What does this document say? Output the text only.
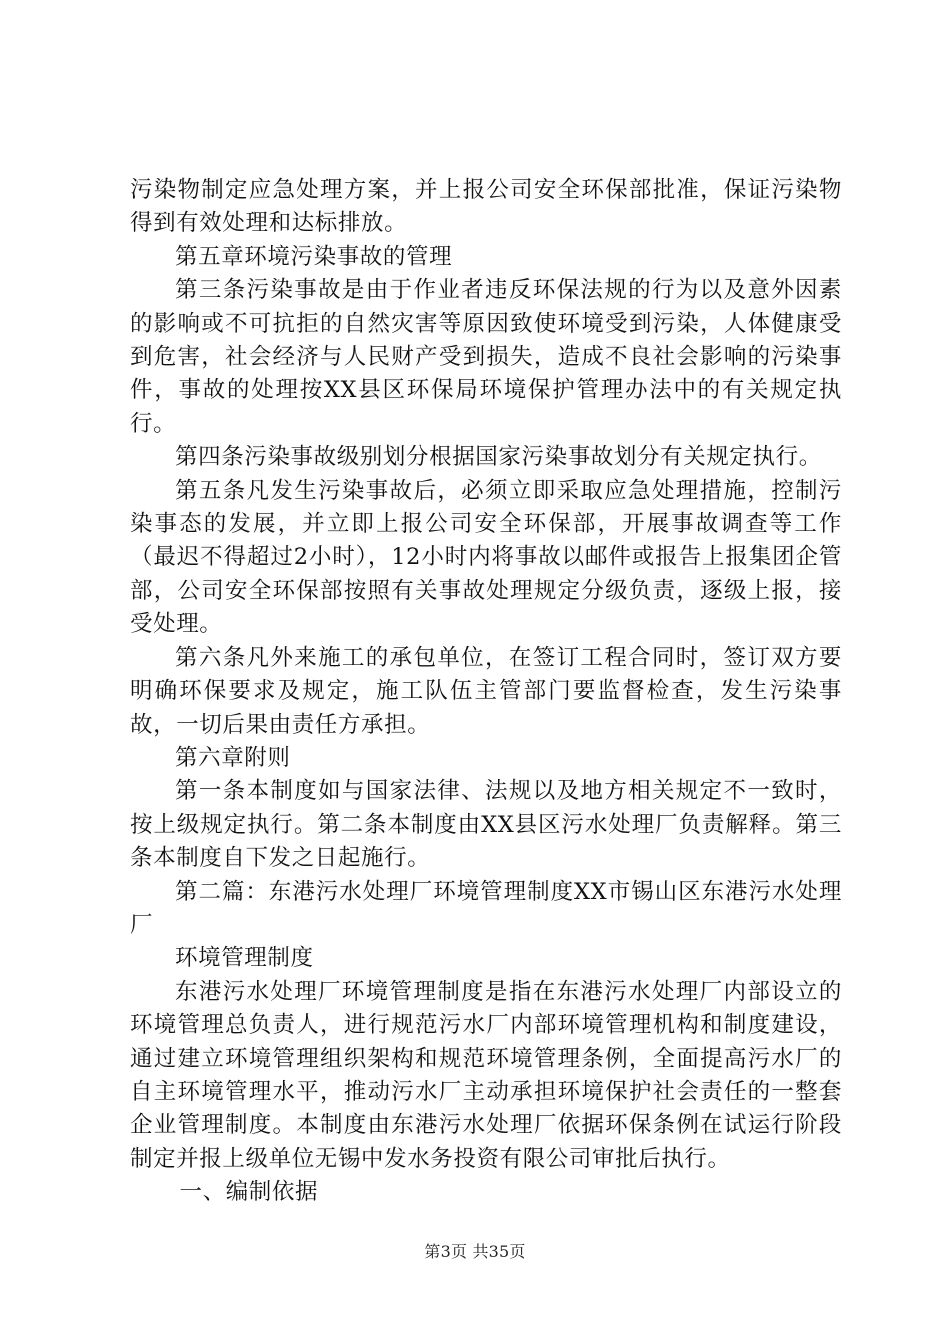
污染物制定应急处理方案，并上报公司安全环保部批准，保证污染物得到有效处理和达标排放。

第五章环境污染事故的管理

第三条污染事故是由于作业者违反环保法规的行为以及意外因素的影响或不可抗拒的自然灾害等原因致使环境受到污染，人体健康受到危害，社会经济与人民财产受到损失，造成不良社会影响的污染事件，事故的处理按XX县区环保局环境保护管理办法中的有关规定执行。

第四条污染事故级别划分根据国家污染事故划分有关规定执行。

第五条凡发生污染事故后，必须立即采取应急处理措施，控制污染事态的发展，并立即上报公司安全环保部，开展事故调查等工作（最迟不得超过2小时），12小时内将事故以邮件或报告上报集团企管部，公司安全环保部按照有关事故处理规定分级负责，逐级上报，接受处理。

第六条凡外来施工的承包单位，在签订工程合同时，签订双方要明确环保要求及规定，施工队伍主管部门要监督检查，发生污染事故，一切后果由责任方承担。

第六章附则

第一条本制度如与国家法律、法规以及地方相关规定不一致时，按上级规定执行。第二条本制度由XX县区污水处理厂负责解释。第三条本制度自下发之日起施行。

第二篇：东港污水处理厂环境管理制度XX市锡山区东港污水处理厂

环境管理制度

东港污水处理厂环境管理制度是指在东港污水处理厂内部设立的环境管理总负责人，进行规范污水厂内部环境管理机构和制度建设，通过建立环境管理组织架构和规范环境管理条例，全面提高污水厂的自主环境管理水平，推动污水厂主动承担环境保护社会责任的一整套企业管理制度。本制度由东港污水处理厂依据环保条例在试运行阶段制定并报上级单位无锡中发水务投资有限公司审批后执行。

一、编制依据

第3页 共35页
